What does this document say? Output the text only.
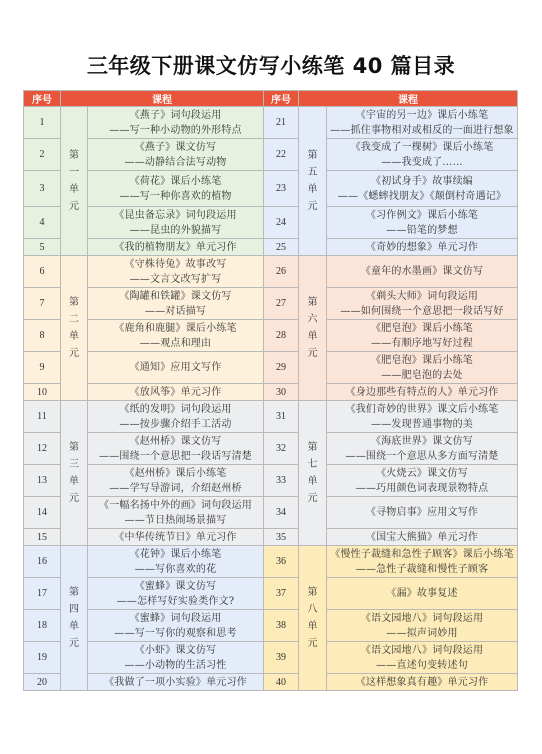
三年级下册课文仿写小练笔 40 篇目录
序号	课程		序号	课程	
1	第
一
单
元	《燕子》词句段运用
——写一种小动物的外形特点	21	第
五
单
元	《宇宙的另一边》课后小练笔
——抓住事物相对或相反的一面进行想象

2		《燕子》课文仿写
——动静结合法写动物	22		《我变成了一棵树》课后小练笔
——我变成了……

3		《荷花》课后小练笔
——写一种你喜欢的植物	23		《初试身手》故事续编
——《蟋蟀找朋友》《颠倒村奇遇记》

4		《昆虫备忘录》词句段运用
——昆虫的外貌描写	24		《习作例文》课后小练笔
——铅笔的梦想

5		《我的植物朋友》单元习作	25		《奇妙的想象》单元习作

6	第
二
单
元	《守株待兔》故事改写
——文言文改写扩写	26	第
六
单
元	《童年的水墨画》课文仿写

7		《陶罐和铁罐》课文仿写
——对话描写	27		《剃头大师》词句段运用
——如何围绕一个意思把一段话写好

8		《鹿角和鹿腿》课后小练笔
——观点和理由	28		《肥皂泡》课后小练笔
——有顺序地写好过程

9		《通知》应用文写作	29		《肥皂泡》课后小练笔
——肥皂泡的去处

10		《放风筝》单元习作	30		《身边那些有特点的人》单元习作

11	第
三
单
元	《纸的发明》词句段运用
——按步骤介绍手工活动	31	第
七
单
元	《我们奇妙的世界》课文后小练笔
——发现普通事物的美

12		《赵州桥》课文仿写
——围绕一个意思把一段话写清楚	32		《海底世界》课文仿写
——围绕一个意思从多方面写清楚

13		《赵州桥》课后小练笔
——学写导游词，介绍赵州桥	33		《火烧云》课文仿写
——巧用颜色词表现景物特点

14		《一幅名扬中外的画》词句段运用
——节日热闹场景描写	34		《寻物启事》应用文写作

15		《中华传统节日》单元习作	35		《国宝大熊猫》单元习作

16	第
四
单
元	《花钟》课后小练笔
——写你喜欢的花	36	第
八
单
元	《慢性子裁缝和急性子顾客》课后小练笔
——急性子裁缝和慢性子顾客

17		《蜜蜂》课文仿写
——怎样写好实验类作文?	37		《漏》故事复述

18		《蜜蜂》词句段运用
——写一写你的观察和思考	38		《语文园地八》词句段运用
——拟声词妙用

19		《小虾》课文仿写
——小动物的生活习性	39		《语文园地八》词句段运用
——直述句变转述句

20		《我做了一项小实验》单元习作	40		《这样想象真有趣》单元习作
